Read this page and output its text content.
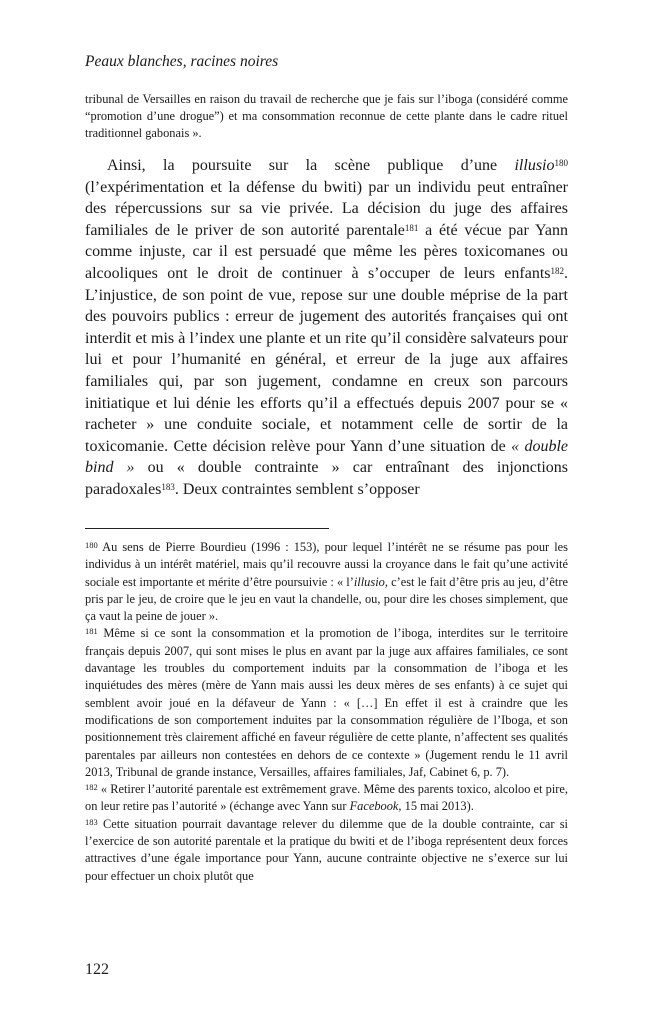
Peaux blanches, racines noires

tribunal de Versailles en raison du travail de recherche que je fais sur l’iboga (considéré comme “promotion d’une drogue”) et ma consommation reconnue de cette plante dans le cadre rituel traditionnel gabonais ».

Ainsi, la poursuite sur la scène publique d’une illusio$^{180}$ (l’expérimentation et la défense du bwiti) par un individu peut entraîner des répercussions sur sa vie privée. La décision du juge des affaires familiales de le priver de son autorité parentale$^{181}$ a été vécue par Yann comme injuste, car il est persuadé que même les pères toxicomanes ou alcooliques ont le droit de continuer à s’occuper de leurs enfants$^{182}$. L’injustice, de son point de vue, repose sur une double méprise de la part des pouvoirs publics : erreur de jugement des autorités françaises qui ont interdit et mis à l’index une plante et un rite qu’il considère salvateurs pour lui et pour l’humanité en général, et erreur de la juge aux affaires familiales qui, par son jugement, condamne en creux son parcours initiatique et lui dénie les efforts qu’il a effectués depuis 2007 pour se « racheter » une conduite sociale, et notamment celle de sortir de la toxicomanie. Cette décision relève pour Yann d’une situation de « double bind » ou « double contrainte » car entraînant des injonctions paradoxales$^{183}$. Deux contraintes semblent s’opposer

$^{180}$ Au sens de Pierre Bourdieu (1996 : 153), pour lequel l’intérêt ne se résume pas pour les individus à un intérêt matériel, mais qu’il recouvre aussi la croyance dans le fait qu’une activité sociale est importante et mérite d’être poursuivie : « l’illusio, c’est le fait d’être pris au jeu, d’être pris par le jeu, de croire que le jeu en vaut la chandelle, ou, pour dire les choses simplement, que ça vaut la peine de jouer ».

$^{181}$ Même si ce sont la consommation et la promotion de l’iboga, interdites sur le territoire français depuis 2007, qui sont mises le plus en avant par la juge aux affaires familiales, ce sont davantage les troubles du comportement induits par la consommation de l’iboga et les inquiétudes des mères (mère de Yann mais aussi les deux mères de ses enfants) à ce sujet qui semblent avoir joué en la défaveur de Yann : « […] En effet il est à craindre que les modifications de son comportement induites par la consommation régulière de l’Iboga, et son positionnement très clairement affiché en faveur régulière de cette plante, n’affectent ses qualités parentales par ailleurs non contestées en dehors de ce contexte » (Jugement rendu le 11 avril 2013, Tribunal de grande instance, Versailles, affaires familiales, Jaf, Cabinet 6, p. 7).

$^{182}$ « Retirer l’autorité parentale est extrêmement grave. Même des parents toxico, alcoloo et pire, on leur retire pas l’autorité » (échange avec Yann sur Facebook, 15 mai 2013).

$^{183}$ Cette situation pourrait davantage relever du dilemme que de la double contrainte, car si l’exercice de son autorité parentale et la pratique du bwiti et de l’iboga représentent deux forces attractives d’une égale importance pour Yann, aucune contrainte objective ne s’exerce sur lui pour effectuer un choix plutôt que

122
